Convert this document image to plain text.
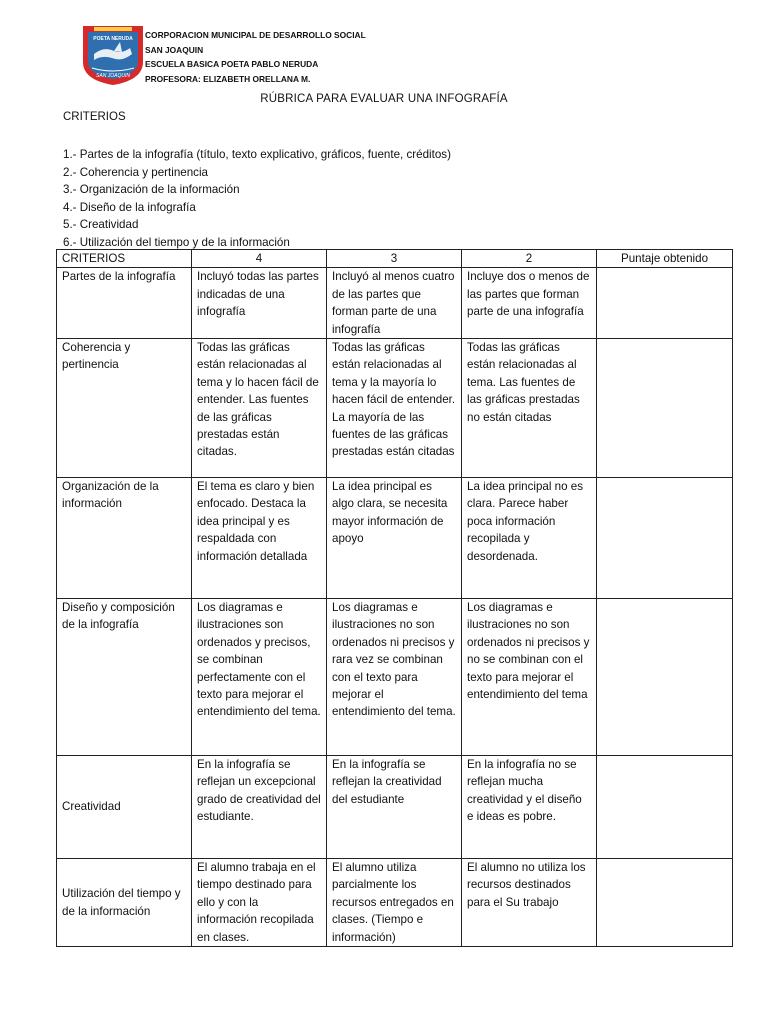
POETA NERUDA
SAN JOAQUIN
CORPORACION MUNICIPAL DE DESARROLLO SOCIAL
SAN JOAQUIN
ESCUELA BASICA POETA PABLO NERUDA
PROFESORA: ELIZABETH ORELLANA M.
RÚBRICA PARA EVALUAR UNA INFOGRAFÍA
CRITERIOS
1.- Partes de la infografía (título, texto explicativo, gráficos, fuente, créditos)
2.- Coherencia y pertinencia
3.- Organización de la información
4.- Diseño de la infografía
5.- Creatividad
6.- Utilización del tiempo y de la información
CRITERIOS	4	3	2	Puntaje obtenido
Partes de la infografía	Incluyó todas las partes indicadas de una infografía	Incluyó al menos cuatro de las partes que forman parte de una infografía	Incluye dos o menos de las partes que forman parte de una infografía	
Coherencia y pertinencia	Todas las gráficas están relacionadas al tema y lo hacen fácil de entender. Las fuentes de las gráficas prestadas están citadas.	Todas las gráficas están relacionadas al tema y la mayoría lo hacen fácil de entender. La mayoría de las fuentes de las gráficas prestadas están citadas	Todas las gráficas están relacionadas al tema. Las fuentes de las gráficas prestadas no están citadas	
Organización de la información	El tema es claro y bien enfocado. Destaca la idea principal y es respaldada con información detallada	La idea principal es algo clara, se necesita mayor información de apoyo	La idea principal no es clara. Parece haber poca información recopilada y desordenada.	
Diseño y composición de la infografía	Los diagramas e ilustraciones son ordenados y precisos, se combinan perfectamente con el texto para mejorar el entendimiento del tema.	Los diagramas e ilustraciones no son ordenados ni precisos y rara vez se combinan con el texto para mejorar el entendimiento del tema.	Los diagramas e ilustraciones no son ordenados ni precisos y no se combinan con el texto para mejorar el entendimiento del tema	
Creatividad	En la infografía se reflejan un excepcional grado de creatividad del estudiante.	En la infografía se reflejan la creatividad del estudiante	En la infografía no se reflejan mucha creatividad y el diseño e ideas es pobre.	
Utilización del tiempo y de la información	El alumno trabaja en el tiempo destinado para ello y con la información recopilada en clases.	El alumno utiliza parcialmente los recursos entregados en clases. (Tiempo e información)	El alumno no utiliza los recursos destinados para el Su trabajo	
